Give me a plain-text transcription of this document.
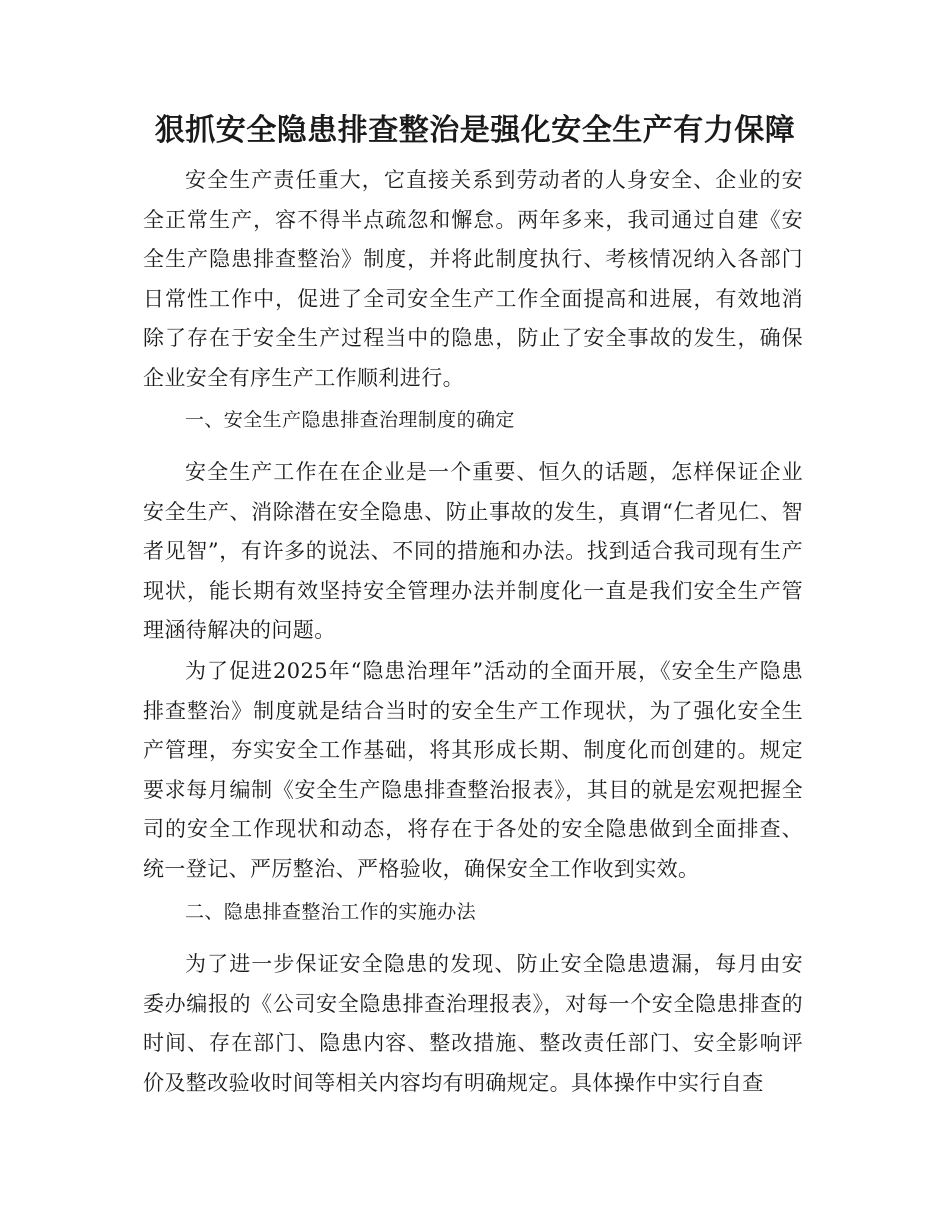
狠抓安全隐患排查整治是强化安全生产有力保障

安全生产责任重大，它直接关系到劳动者的人身安全、企业的安全正常生产，容不得半点疏忽和懈怠。两年多来，我司通过自建《安全生产隐患排查整治》制度，并将此制度执行、考核情况纳入各部门日常性工作中，促进了全司安全生产工作全面提高和进展，有效地消除了存在于安全生产过程当中的隐患，防止了安全事故的发生，确保企业安全有序生产工作顺利进行。

一、安全生产隐患排查治理制度的确定

安全生产工作在在企业是一个重要、恒久的话题，怎样保证企业安全生产、消除潜在安全隐患、防止事故的发生，真谓“仁者见仁、智者见智”，有许多的说法、不同的措施和办法。找到适合我司现有生产现状，能长期有效坚持安全管理办法并制度化一直是我们安全生产管理涵待解决的问题。

为了促进2025年“隐患治理年”活动的全面开展，《安全生产隐患排查整治》制度就是结合当时的安全生产工作现状，为了强化安全生产管理，夯实安全工作基础，将其形成长期、制度化而创建的。规定要求每月编制《安全生产隐患排查整治报表》，其目的就是宏观把握全司的安全工作现状和动态，将存在于各处的安全隐患做到全面排查、统一登记、严厉整治、严格验收，确保安全工作收到实效。

二、隐患排查整治工作的实施办法

为了进一步保证安全隐患的发现、防止安全隐患遗漏，每月由安委办编报的《公司安全隐患排查治理报表》，对每一个安全隐患排查的时间、存在部门、隐患内容、整改措施、整改责任部门、安全影响评价及整改验收时间等相关内容均有明确规定。具体操作中实行自查
